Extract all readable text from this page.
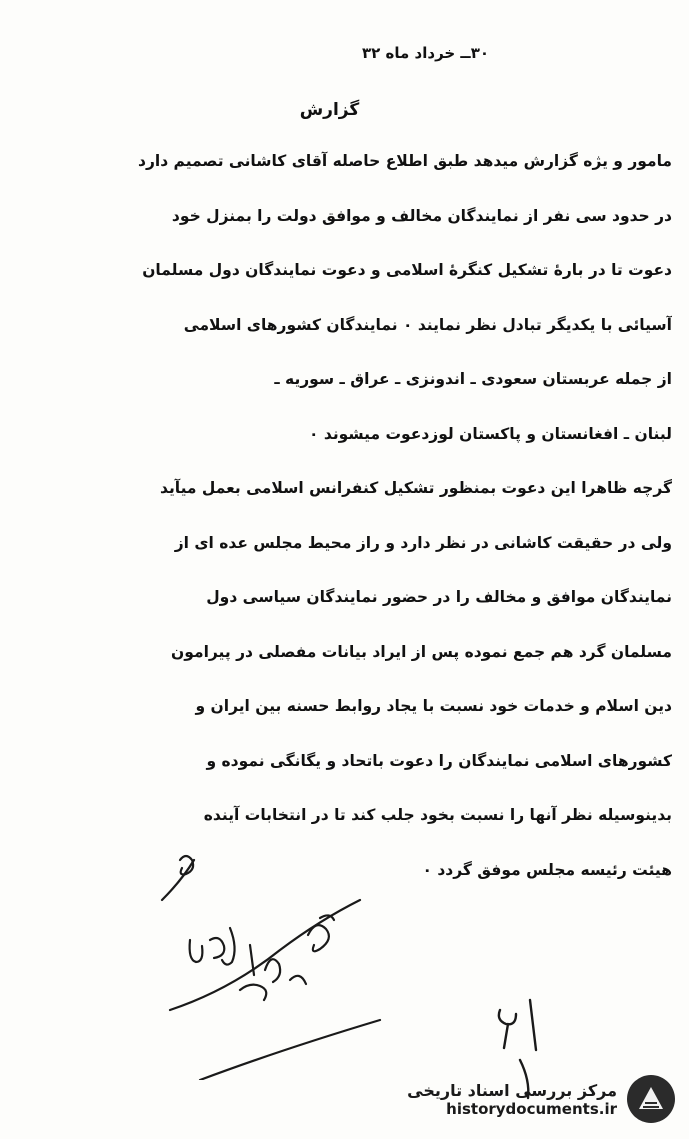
۳۰ــ خرداد ماه ۳۲
گزارش
مامور و یژه گزارش میدهد طبق اطلاع حاصله آقای کاشانی تصمیم دارد
در حدود سی نفر از نمایندگان مخالف و موافق دولت را بمنزل خود
دعوت تا در بارۀ تشکیل کنگرۀ اسلامی و دعوت نمایندگان دول مسلمان
آسیائی با یکدیگر تبادل نظر نمایند ۰ نمایندگان کشورهای اسلامی
از جمله عربستان سعودی ـ اندونزی ـ عراق ـ سوریه ـ
لبنان ـ افغانستان و پاکستان لوزدعوت میشوند ۰
گرچه ظاهرا این دعوت بمنظور تشکیل کنفرانس اسلامی بعمل میآید
ولی در حقیقت کاشانی در نظر دارد و راز محیط مجلس عده ای از
نمایندگان موافق و مخالف را در حضور نمایندگان سیاسی دول
مسلمان گرد هم جمع نموده پس از ایراد بیانات مفصلی در پیرامون
دین اسلام و خدمات خود نسبت با یجاد روابط حسنه بین ایران و
کشورهای اسلامی نمایندگان را دعوت باتحاد و یگانگی نموده و
بدینوسیله نظر آنها را نسبت بخود جلب کند تا در انتخابات آینده
هیئت رئیسه مجلس موفق گردد ۰
مرکز بررسی اسناد تاریخی
historydocuments.ir
